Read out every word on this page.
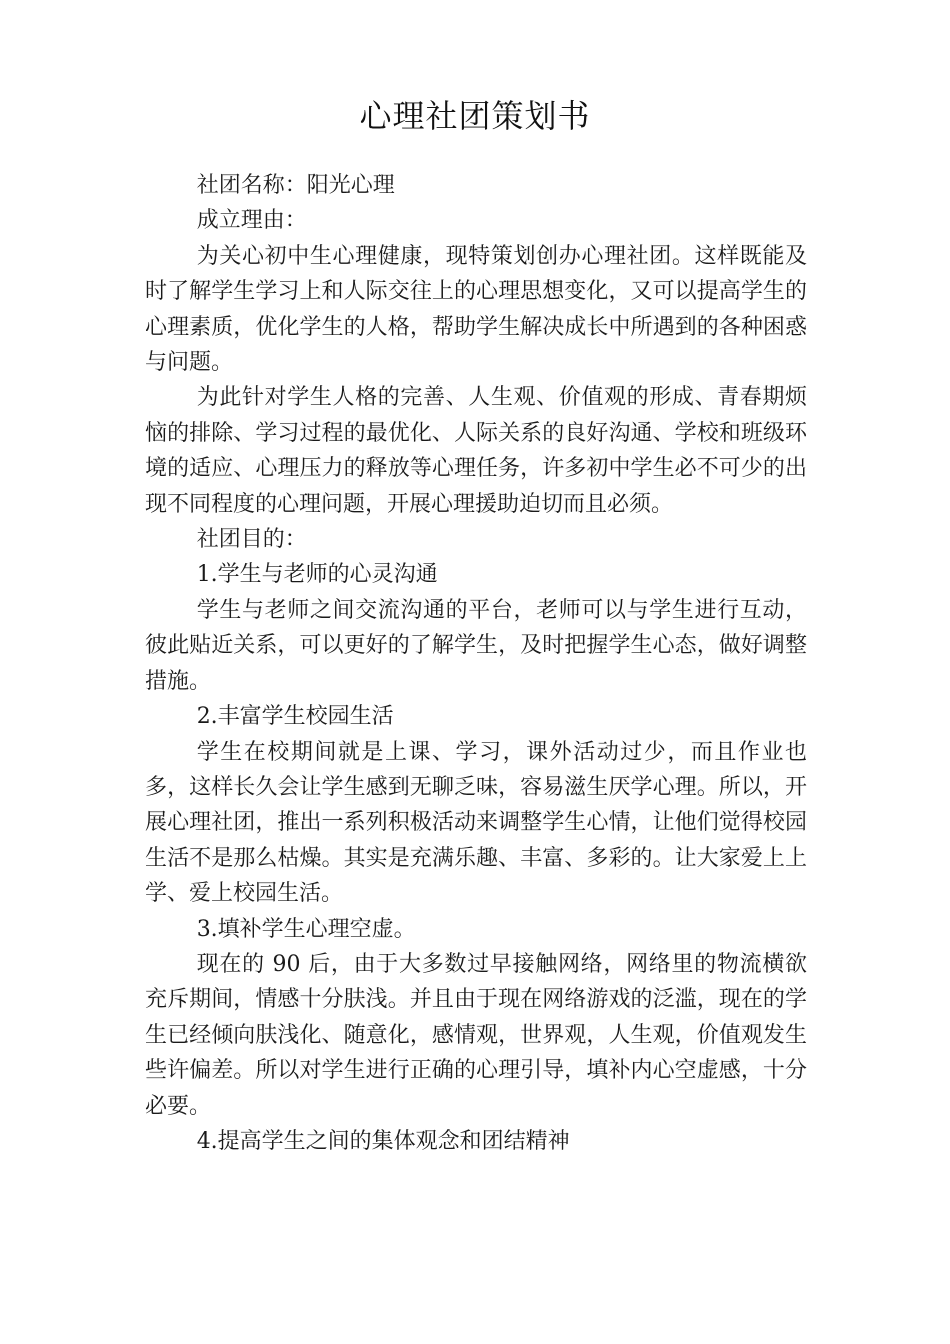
心理社团策划书

社团名称：阳光心理

成立理由：

为关心初中生心理健康，现特策划创办心理社团。这样既能及时了解学生学习上和人际交往上的心理思想变化，又可以提高学生的心理素质，优化学生的人格，帮助学生解决成长中所遇到的各种困惑与问题。

为此针对学生人格的完善、人生观、价值观的形成、青春期烦恼的排除、学习过程的最优化、人际关系的良好沟通、学校和班级环境的适应、心理压力的释放等心理任务，许多初中学生必不可少的出现不同程度的心理问题，开展心理援助迫切而且必须。

社团目的：

1.学生与老师的心灵沟通

学生与老师之间交流沟通的平台，老师可以与学生进行互动，彼此贴近关系，可以更好的了解学生，及时把握学生心态，做好调整措施。

2.丰富学生校园生活

学生在校期间就是上课、学习，课外活动过少，而且作业也多，这样长久会让学生感到无聊乏味，容易滋生厌学心理。所以，开展心理社团，推出一系列积极活动来调整学生心情，让他们觉得校园生活不是那么枯燥。其实是充满乐趣、丰富、多彩的。让大家爱上上学、爱上校园生活。

3.填补学生心理空虚。

现在的 90 后，由于大多数过早接触网络，网络里的物流横欲充斥期间，情感十分肤浅。并且由于现在网络游戏的泛滥，现在的学生已经倾向肤浅化、随意化，感情观，世界观，人生观，价值观发生些许偏差。所以对学生进行正确的心理引导，填补内心空虚感，十分必要。

4.提高学生之间的集体观念和团结精神
